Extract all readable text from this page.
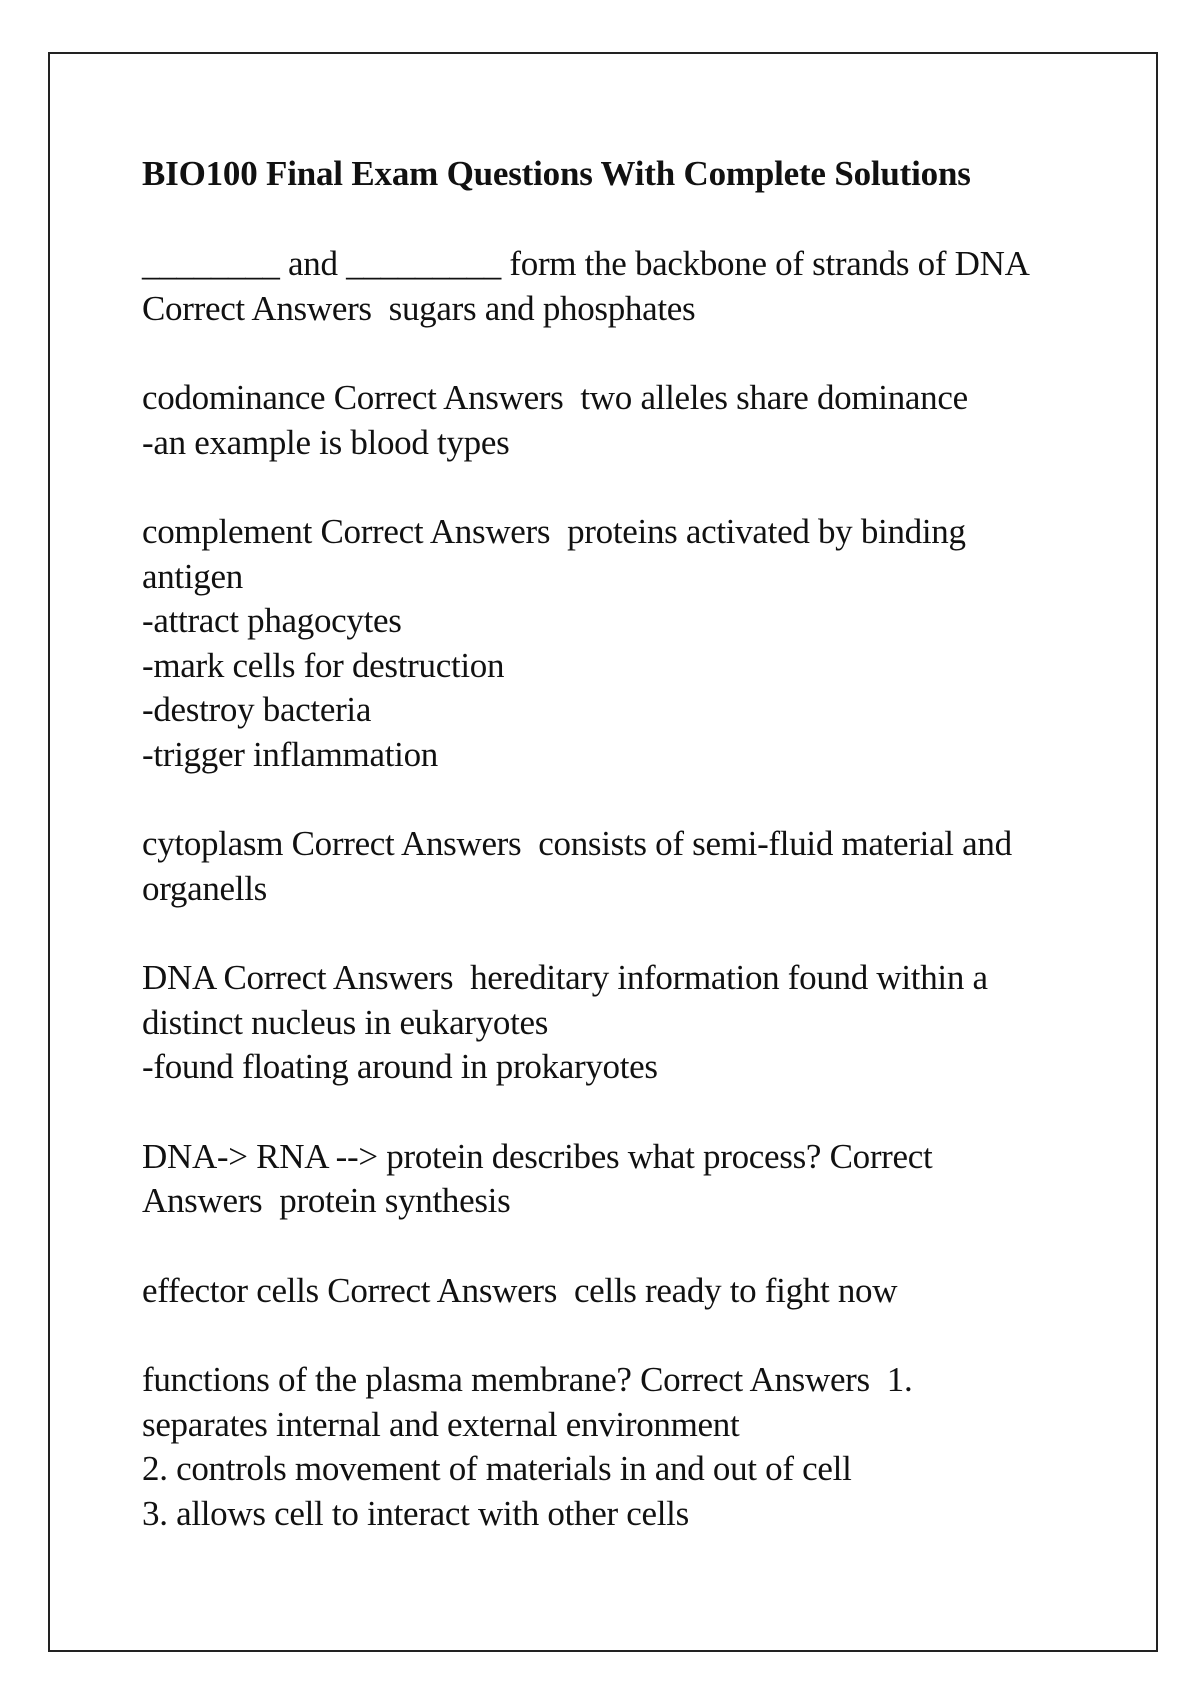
BIO100 Final Exam Questions With Complete Solutions
________ and _________ form the backbone of strands of DNA
Correct Answers  sugars and phosphates
codominance Correct Answers  two alleles share dominance
-an example is blood types
complement Correct Answers  proteins activated by binding
antigen
-attract phagocytes
-mark cells for destruction
-destroy bacteria
-trigger inflammation
cytoplasm Correct Answers  consists of semi-fluid material and
organells
DNA Correct Answers  hereditary information found within a
distinct nucleus in eukaryotes
-found floating around in prokaryotes
DNA-> RNA --> protein describes what process? Correct
Answers  protein synthesis
effector cells Correct Answers  cells ready to fight now
functions of the plasma membrane? Correct Answers  1.
separates internal and external environment
2. controls movement of materials in and out of cell
3. allows cell to interact with other cells
